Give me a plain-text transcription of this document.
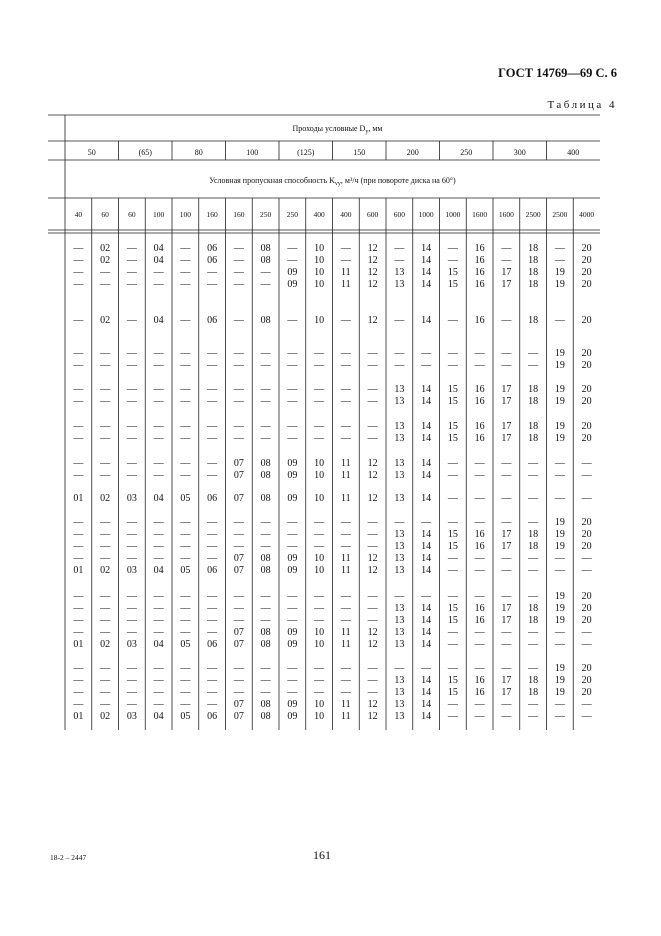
ГОСТ 14769—69 С. 6
Таблица 4
Проходы условные $D_у$, мм
50	(65)	80	100	(125)	150	200	250	300	400
Условная пропускная способность $K_{vy}$, м³/ч (при повороте диска на 60°)
40	60	60 100 100 160 160 250 250 400 400 600 600 1000 1000 1600 1600 2500 2500 4000
— 02 — 04 — 06 — 08 — 10 — 12 — 14 — 16 — 18 — 20
— 02 — 04 — 06 — 08 — 10 — 12 — 14 — 16 — 18 — 20
— — — — — — — — 09 10 11 12 13 14 15 16 17 18 19 20
— — — — — — — — 09 10 11 12 13 14 15 16 17 18 19 20
— 02 — 04 — 06 — 08 — 10 — 12 — 14 — 16 — 18 — 20
— — — — — — — — — — — — — — — — — — 19 20
— — — — — — — — — — — — — — — — — — 19 20
— — — — — — — — — — — — 13 14 15 16 17 18 19 20
— — — — — — — — — — — — 13 14 15 16 17 18 19 20
— — — — — — — — — — — — 13 14 15 16 17 18 19 20
— — — — — — — — — — — — 13 14 15 16 17 18 19 20
— — — — — — 07 08 09 10 11 12 13 14 — — — — — —
— — — — — — 07 08 09 10 11 12 13 14 — — — — — —
01 02 03 04 05 06 07 08 09 10 11 12 13 14 — — — — — —
— — — — — — — — — — — — — — — — — — 19 20
— — — — — — — — — — — — 13 14 15 16 17 18 19 20
— — — — — — — — — — — — 13 14 15 16 17 18 19 20
— — — — — — 07 08 09 10 11 12 13 14 — — — — — —
01 02 03 04 05 06 07 08 09 10 11 12 13 14 — — — — — —
— — — — — — — — — — — — — — — — — — 19 20
— — — — — — — — — — — — 13 14 15 16 17 18 19 20
— — — — — — — — — — — — 13 14 15 16 17 18 19 20
— — — — — — 07 08 09 10 11 12 13 14 — — — — — —
01 02 03 04 05 06 07 08 09 10 11 12 13 14 — — — — — —
— — — — — — — — — — — — — — — — — — 19 20
— — — — — — — — — — — — 13 14 15 16 17 18 19 20
— — — — — — — — — — — — 13 14 15 16 17 18 19 20
— — — — — — 07 08 09 10 11 12 13 14 — — — — — —
01 02 03 04 05 06 07 08 09 10 11 12 13 14 — — — — — —
18-2 – 2447	161
